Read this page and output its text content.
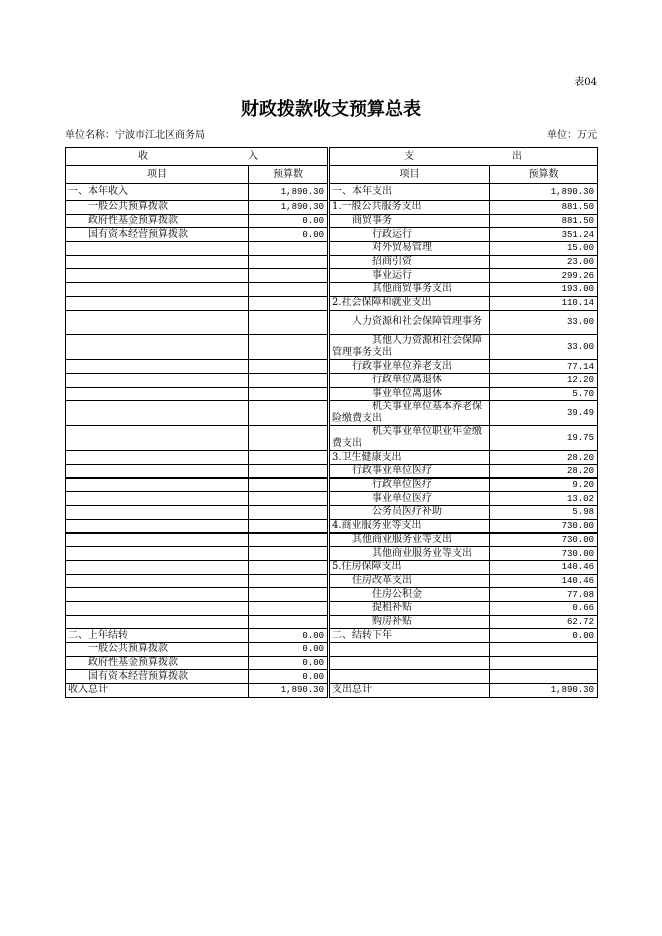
表04
财政拨款收支预算总表
单位名称：宁波市江北区商务局	单位：万元
收入		支出	
项目	预算数	项目	预算数
一、本年收入	1,890.30	一、本年支出	1,890.30
一般公共预算拨款	1,890.30	1.一般公共服务支出	881.50
政府性基金预算拨款	0.00	商贸事务	881.50
国有资本经营预算拨款	0.00	行政运行	351.24
		对外贸易管理	15.00
		招商引资	23.00
		事业运行	299.26
		其他商贸事务支出	193.00
		2.社会保障和就业支出	110.14
		人力资源和社会保障管理事务	33.00
		其他人力资源和社会保障管理事务支出	33.00
		行政事业单位养老支出	77.14
		行政单位离退休	12.20
		事业单位离退休	5.70
		机关事业单位基本养老保险缴费支出	39.49
		机关事业单位职业年金缴费支出	19.75
		3.卫生健康支出	28.20
		行政事业单位医疗	28.20
		行政单位医疗	9.20
		事业单位医疗	13.02
		公务员医疗补助	5.98
		4.商业服务业等支出	730.00
		其他商业服务业等支出	730.00
		其他商业服务业等支出	730.00
		5.住房保障支出	140.46
		住房改革支出	140.46
		住房公积金	77.08
		提租补贴	0.66
		购房补贴	62.72
二、上年结转	0.00	二、结转下年	0.00
一般公共预算拨款	0.00		
政府性基金预算拨款	0.00		
国有资本经营预算拨款	0.00		
收入总计	1,890.30	支出总计	1,890.30
